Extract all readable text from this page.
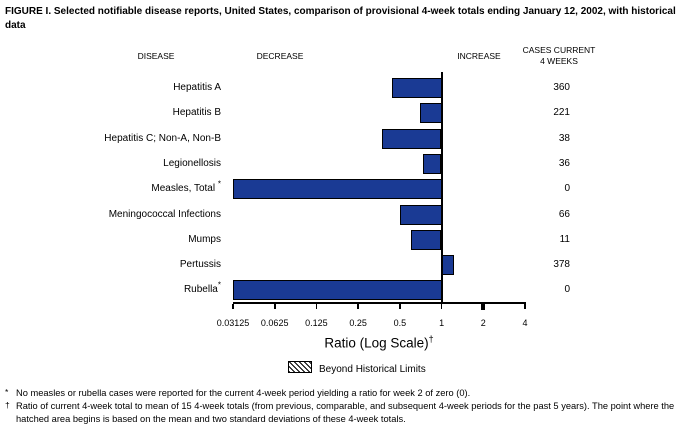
FIGURE I. Selected notifiable disease reports, United States, comparison of provisional 4-week totals ending January 12, 2002, with historical data
DISEASE	DECREASE	INCREASE
CASES CURRENT
4 WEEKS
Hepatitis A	360
Hepatitis B	221
Hepatitis C; Non-A, Non-B	38
Legionellosis	36
Measles, Total *	0
Meningococcal Infections	66
Mumps	11
Pertussis	378
Rubella*	0
0.03125	0.0625	0.125	0.25	0.5	1	2	4
Ratio (Log Scale)†
Beyond Historical Limits
* No measles or rubella cases were reported for the current 4-week period yielding a ratio for week 2 of zero (0).
† Ratio of current 4-week total to mean of 15 4-week totals (from previous, comparable, and subsequent 4-week periods for the past 5 years). The point where the hatched area begins is based on the mean and two standard deviations of these 4-week totals.
